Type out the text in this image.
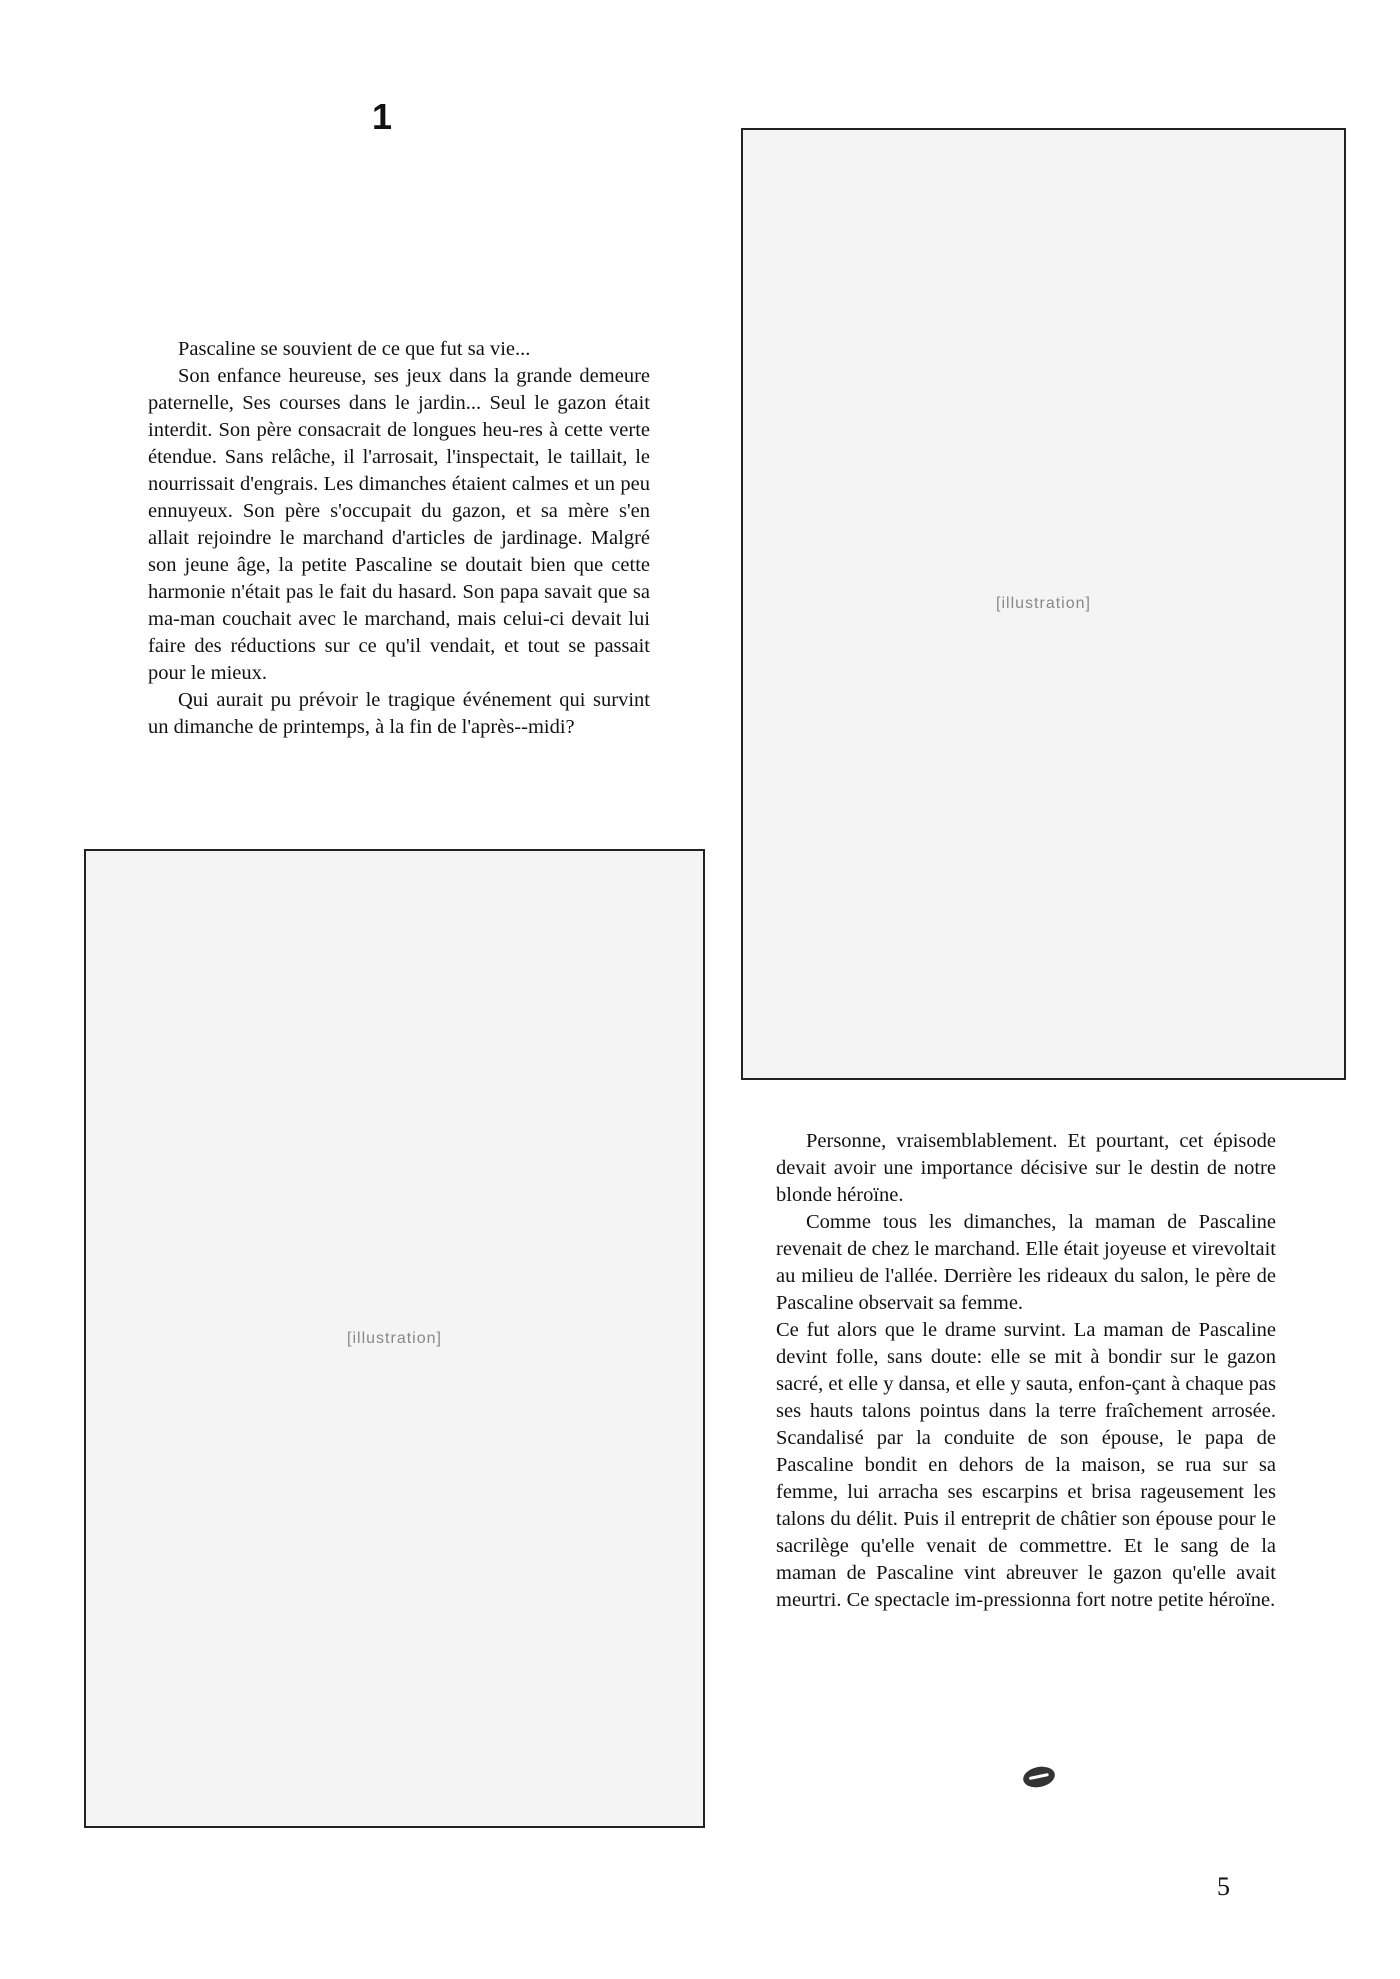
1

Pascaline se souvient de ce que fut sa vie...

Son enfance heureuse, ses jeux dans la grande demeure paternelle, Ses courses dans le jardin... Seul le gazon était interdit. Son père consacrait de longues heu-res à cette verte étendue. Sans relâche, il l'arrosait, l'inspectait, le taillait, le nourrissait d'engrais. Les dimanches étaient calmes et un peu ennuyeux. Son père s'occupait du gazon, et sa mère s'en allait rejoindre le marchand d'articles de jardinage. Malgré son jeune âge, la petite Pascaline se doutait bien que cette harmonie n'était pas le fait du hasard. Son papa savait que sa ma-man couchait avec le marchand, mais celui-ci devait lui faire des réductions sur ce qu'il vendait, et tout se passait pour le mieux.

Qui aurait pu prévoir le tragique événement qui survint un dimanche de printemps, à la fin de l'après--midi?

[illustration]
[illustration]

Personne, vraisemblablement. Et pourtant, cet épisode devait avoir une importance décisive sur le destin de notre blonde héroïne.

Comme tous les dimanches, la maman de Pascaline revenait de chez le marchand. Elle était joyeuse et virevoltait au milieu de l'allée. Derrière les rideaux du salon, le père de Pascaline observait sa femme.

Ce fut alors que le drame survint. La maman de Pascaline devint folle, sans doute: elle se mit à bondir sur le gazon sacré, et elle y dansa, et elle y sauta, enfon-çant à chaque pas ses hauts talons pointus dans la terre fraîchement arrosée. Scandalisé par la conduite de son épouse, le papa de Pascaline bondit en dehors de la maison, se rua sur sa femme, lui arracha ses escarpins et brisa rageusement les talons du délit. Puis il entreprit de châtier son épouse pour le sacrilège qu'elle venait de commettre. Et le sang de la maman de Pascaline vint abreuver le gazon qu'elle avait meurtri. Ce spectacle im-pressionna fort notre petite héroïne.

5
